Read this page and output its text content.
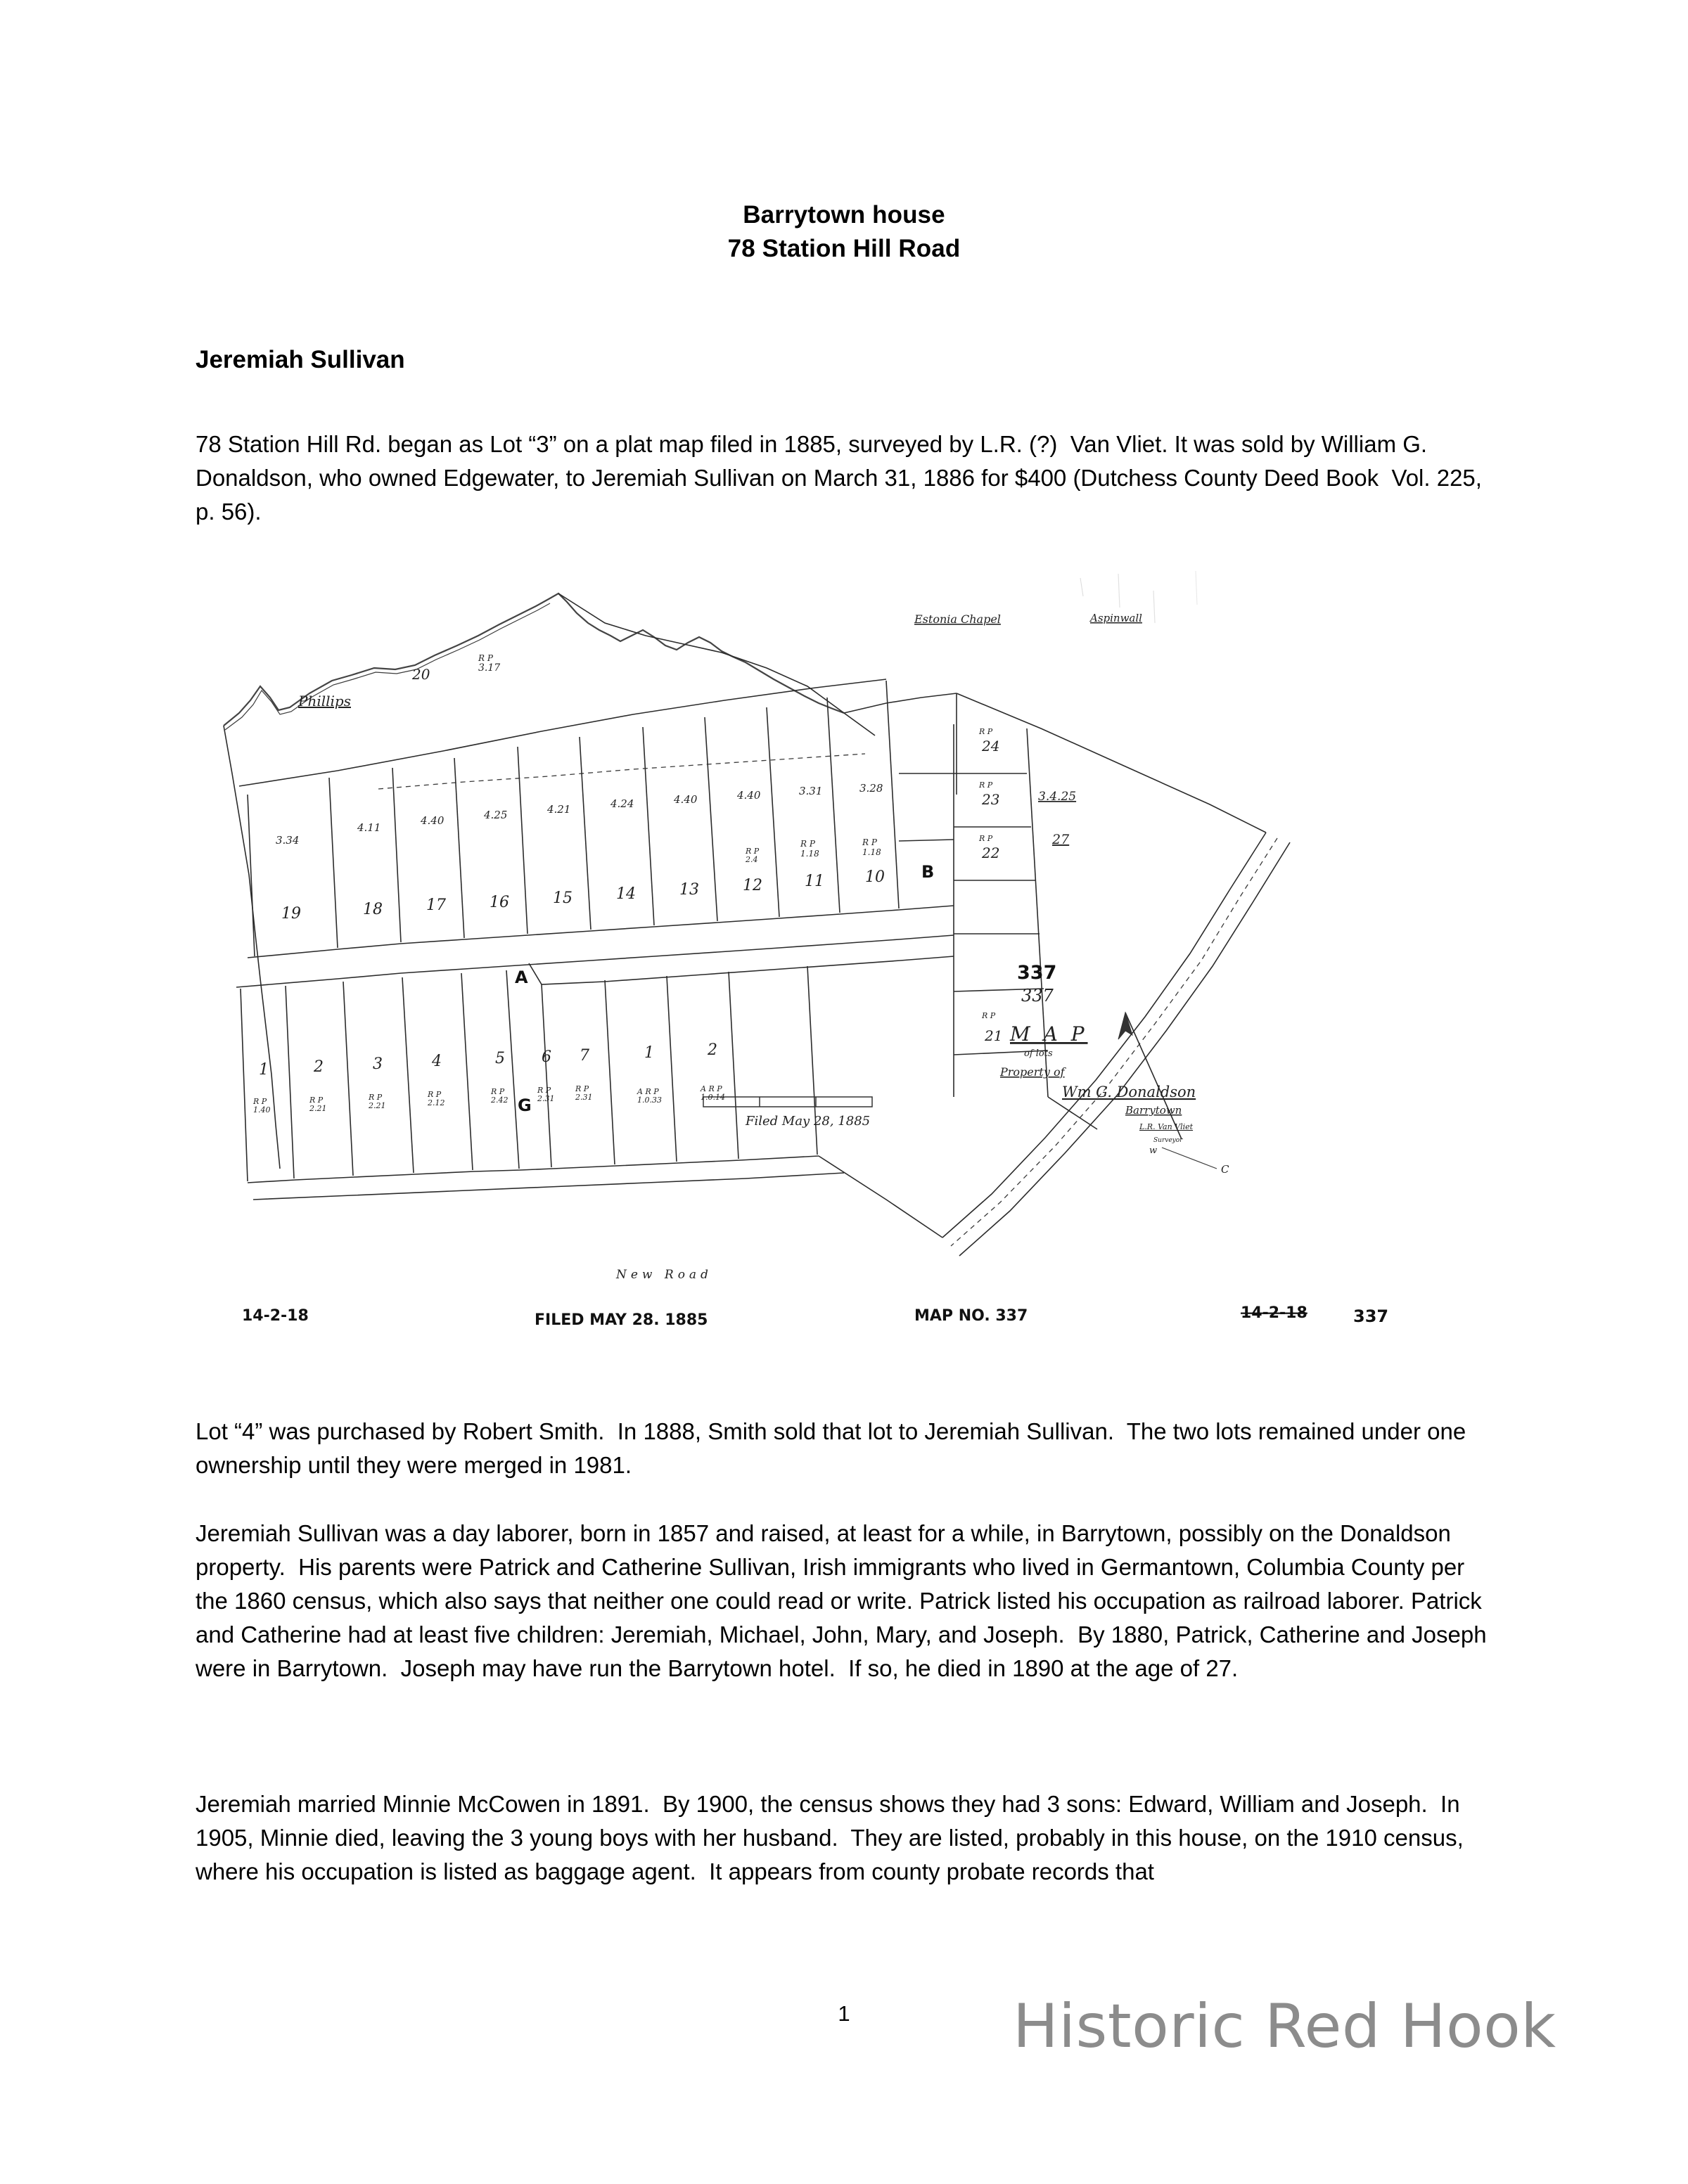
Barrytown house
78 Station Hill Road
Jeremiah Sullivan

78 Station Hill Rd. began as Lot “3” on a plat map filed in 1885, surveyed by L.R. (?)  Van Vliet. It was sold by William G. Donaldson, who owned Edgewater, to Jeremiah Sullivan on March 31, 1886 for $400 (Dutchess County Deed Book  Vol. 225, p. 56).

C
w
19	18	17	16	15	14	13	12	11	10
3.34
4.11
4.40	4.25	4.21	4.24	4.40	4.40	3.31	3.28
R P
1.18
R P
1.18
1	2	3	4	5 6 7	1	2
R P
1.40
R P
2.21
R P
2.21
R P
2.12
R P
2.42
R P
2.31
R P
2.31
A R P
1.0.33
A R P
1.0.14
24
23
22
21
R P
R P
R P
R P
B
A
G
Phillips
20
R P
3.17
Estonia Chapel	Aspinwall
New Road
3.4.25
27
R P
2.4
337
337
M A P
of lots
Property of
Wm G. Donaldson
Barrytown
L.R. Van Vliet
Surveyor
Filed May 28, 1885
14-2-18	FILED MAY 28. 1885	MAP NO. 337	14-2-18	337

Lot “4” was purchased by Robert Smith.  In 1888, Smith sold that lot to Jeremiah Sullivan.  The two lots remained under one ownership until they were merged in 1981.

Jeremiah Sullivan was a day laborer, born in 1857 and raised, at least for a while, in Barrytown, possibly on the Donaldson property.  His parents were Patrick and Catherine Sullivan, Irish immigrants who lived in Germantown, Columbia County per the 1860 census, which also says that neither one could read or write. Patrick listed his occupation as railroad laborer. Patrick and Catherine had at least five children: Jeremiah, Michael, John, Mary, and Joseph.  By 1880, Patrick, Catherine and Joseph were in Barrytown.  Joseph may have run the Barrytown hotel.  If so, he died in 1890 at the age of 27.

Jeremiah married Minnie McCowen in 1891.  By 1900, the census shows they had 3 sons: Edward, William and Joseph.  In 1905, Minnie died, leaving the 3 young boys with her husband.  They are listed, probably in this house, on the 1910 census, where his occupation is listed as baggage agent.  It appears from county probate records that

1	Historic Red Hook
